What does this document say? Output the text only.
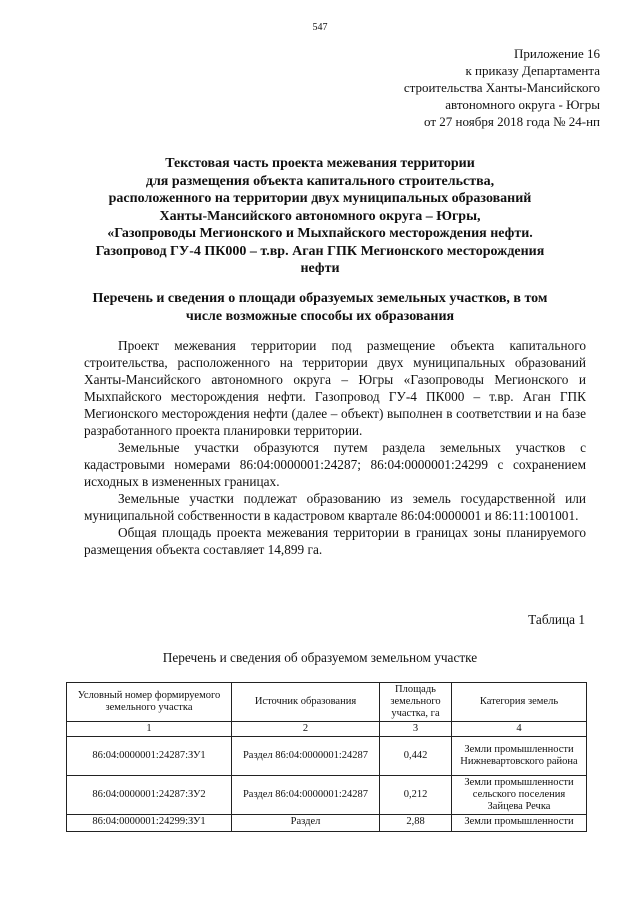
547
Приложение 16
к приказу Департамента
строительства Ханты-Мансийского
автономного округа - Югры
от 27 ноября 2018 года № 24-нп
Текстовая часть проекта межевания территории
для размещения объекта капитального строительства,
расположенного на территории двух муниципальных образований
Ханты-Мансийского автономного округа – Югры,
«Газопроводы Мегионского и Мыхпайского месторождения нефти.
Газопровод ГУ-4 ПК000 – т.вр. Аган ГПК Мегионского месторождения
нефти
Перечень и сведения о площади образуемых земельных участков, в том
числе возможные способы их образования

Проект межевания территории под размещение объекта капитального строительства, расположенного на территории двух муниципальных образований Ханты-Мансийского автономного округа – Югры «Газопроводы Мегионского и Мыхпайского месторождения нефти. Газопровод ГУ-4 ПК000 – т.вр. Аган ГПК Мегионского месторождения нефти (далее – объект) выполнен в соответствии и на базе разработанного проекта планировки территории.

Земельные участки образуются путем раздела земельных участков с кадастровыми номерами 86:04:0000001:24287; 86:04:0000001:24299 с сохранением исходных в измененных границах.

Земельные участки подлежат образованию из земель государственной или муниципальной собственности в кадастровом квартале 86:04:0000001 и 86:11:1001001.

Общая площадь проекта межевания территории в границах зоны планируемого размещения объекта составляет 14,899 га.

Таблица 1
Перечень и сведения об образуемом земельном участке
Условный номер формируемого земельного участка	Источник образования	Площадь земельного участка, га	Категория земель
1	2	3	4
86:04:0000001:24287:ЗУ1	Раздел 86:04:0000001:24287	0,442	Земли промышленности Нижневартовского района
86:04:0000001:24287:ЗУ2	Раздел 86:04:0000001:24287	0,212	Земли промышленности сельского поселения Зайцева Речка
86:04:0000001:24299:ЗУ1	Раздел	2,88	Земли промышленности
